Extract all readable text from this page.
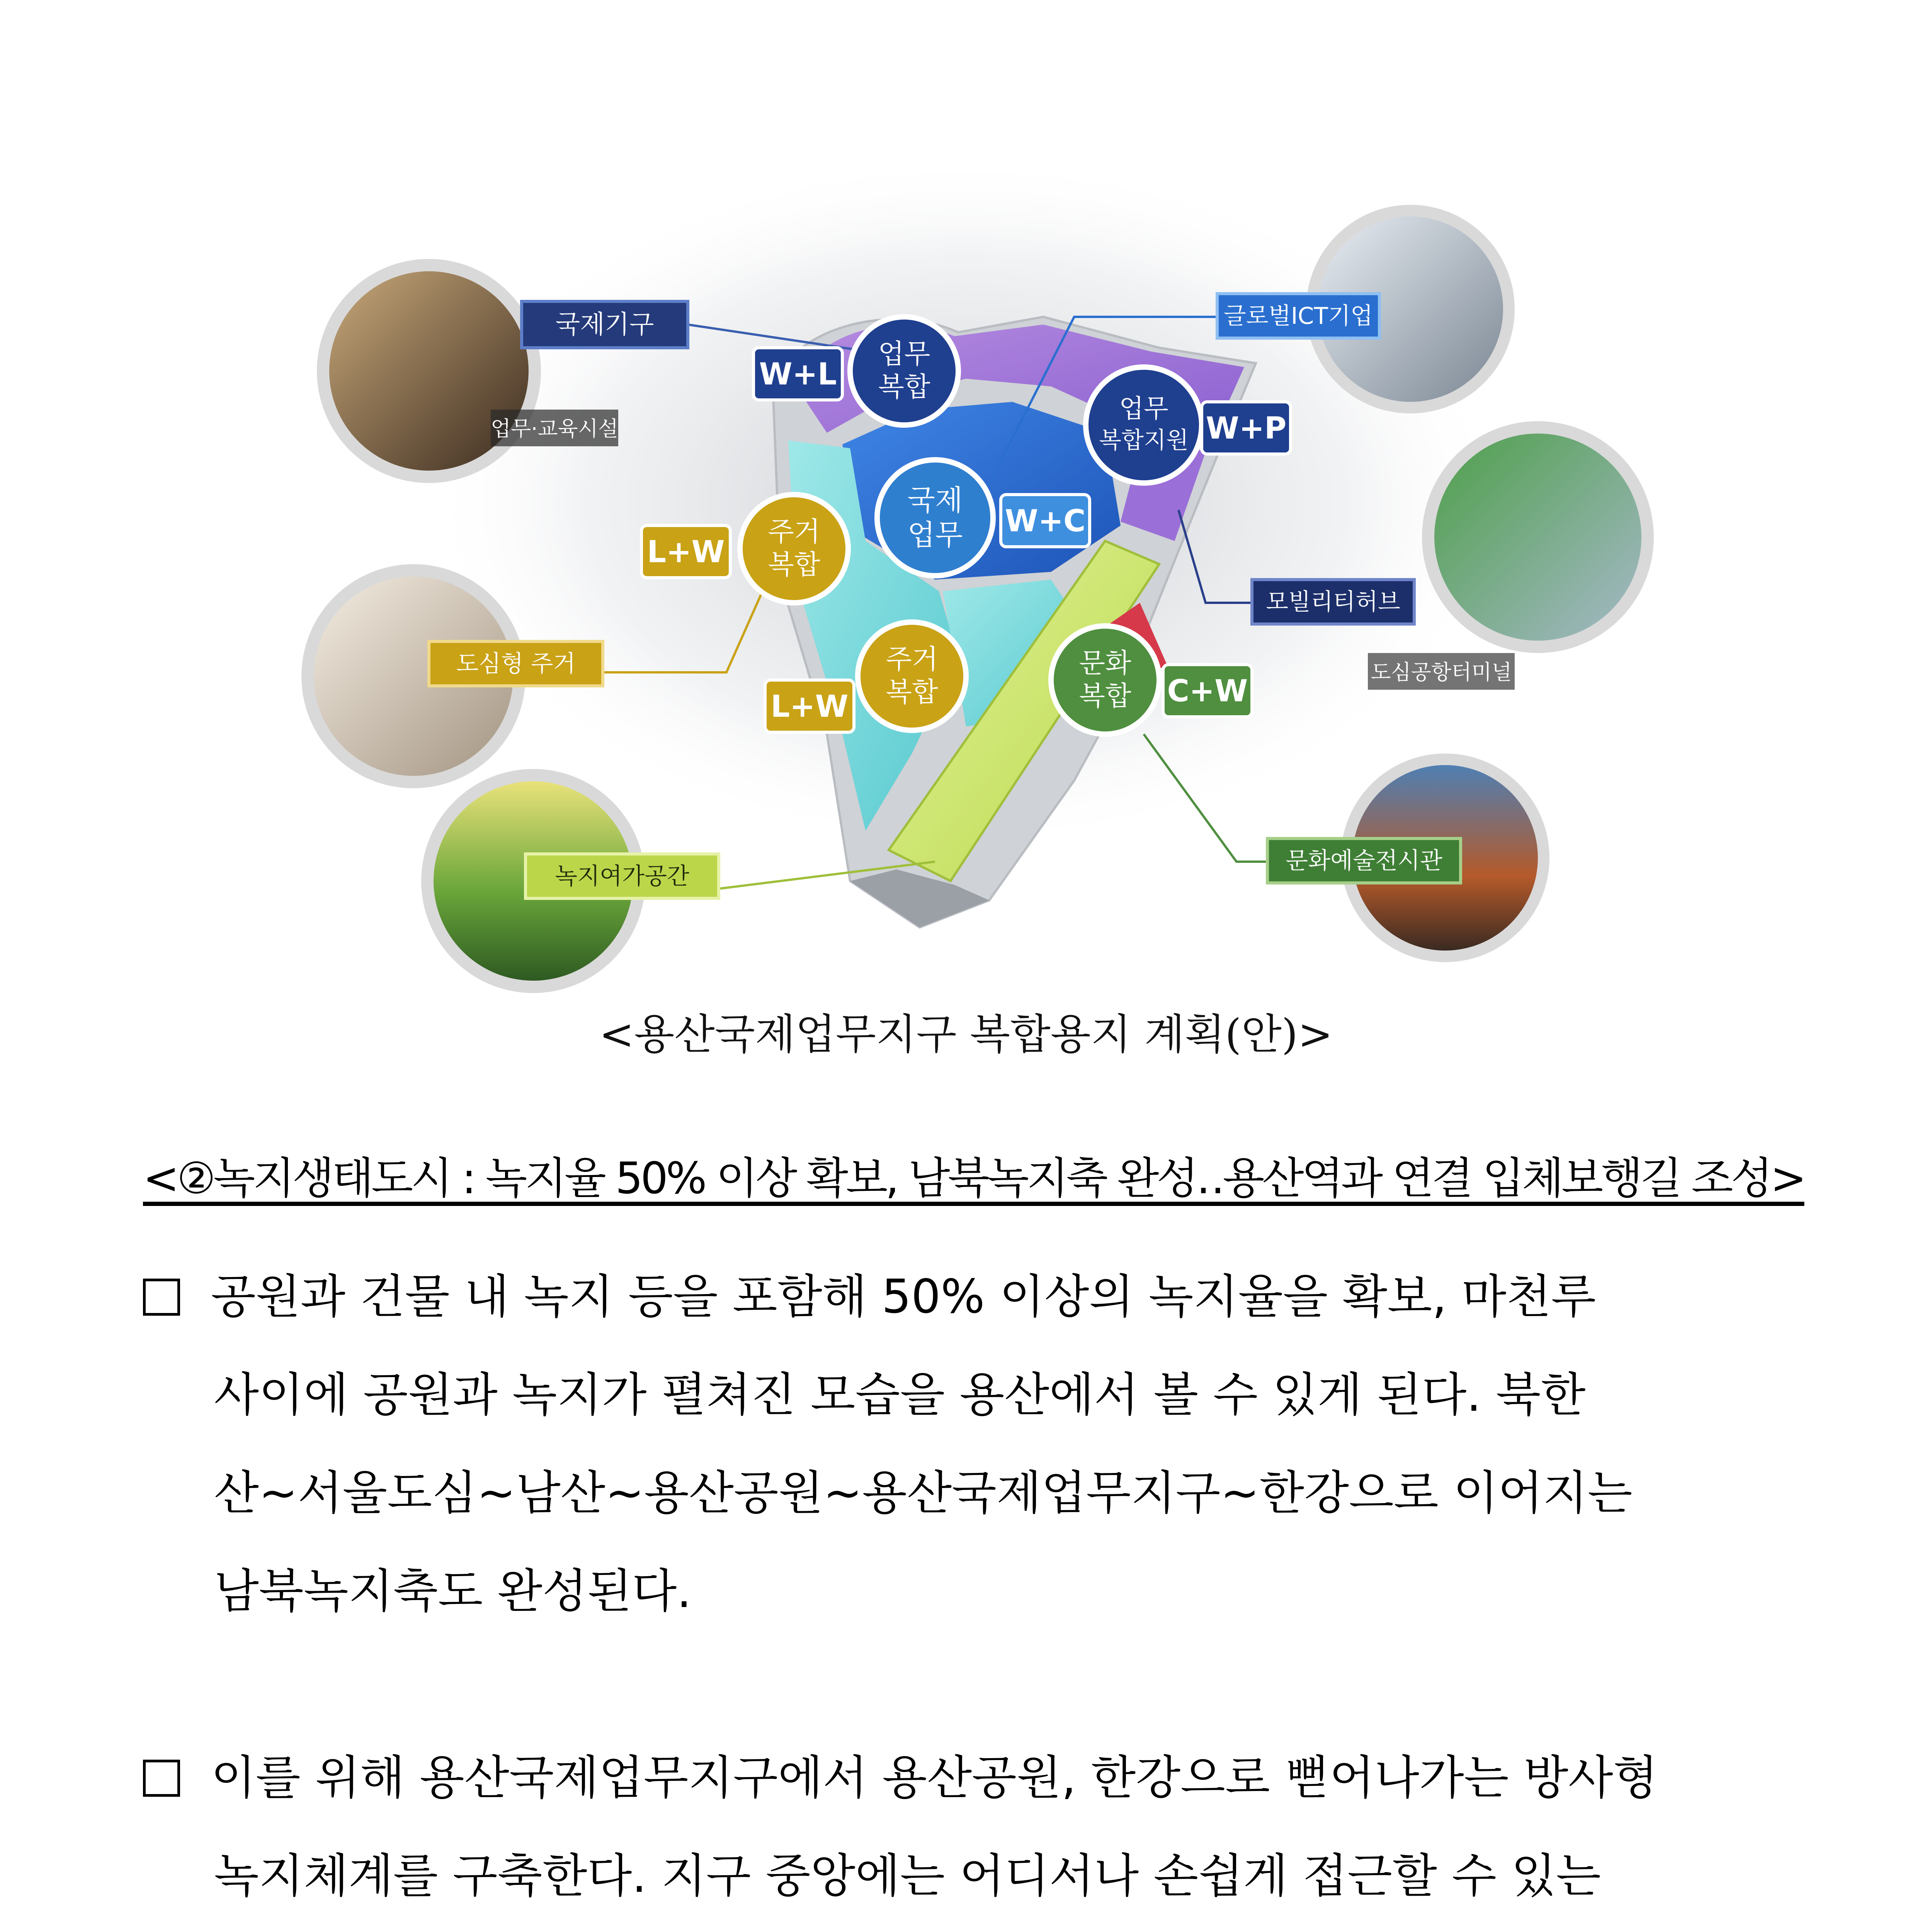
국제기구
업무·교육시설
글로벌ICT기업
모빌리티허브
도심공항터미널
도심형 주거
녹지여가공간
문화예술전시관
업무
복합
W+L
업무
복합지원 W+P
국제
업무 W+C
주거
복합
L+W
주거
복합
L+W
문화
복합 C+W
<용산국제업무지구 복합용지 계획(안)>
<②녹지생태도시 : 녹지율 50% 이상 확보, 남북녹지축 완성‥용산역과 연결 입체보행길 조성>
공원과 건물 내 녹지 등을 포함해 50% 이상의 녹지율을 확보, 마천루
사이에 공원과 녹지가 펼쳐진 모습을 용산에서 볼 수 있게 된다. 북한
산~서울도심~남산~용산공원~용산국제업무지구~한강으로 이어지는
남북녹지축도 완성된다.
이를 위해 용산국제업무지구에서 용산공원, 한강으로 뻗어나가는 방사형
녹지체계를 구축한다. 지구 중앙에는 어디서나 손쉽게 접근할 수 있는
